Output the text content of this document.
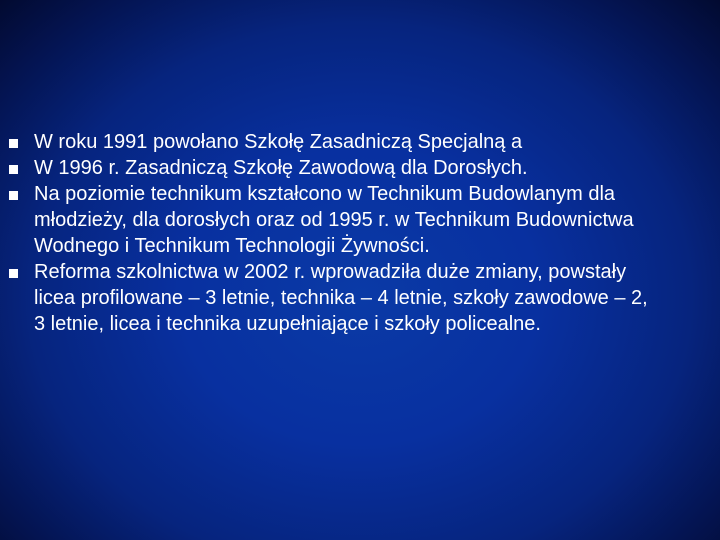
W roku 1991 powołano Szkołę Zasadniczą Specjalną a
W 1996 r. Zasadniczą Szkołę Zawodową dla Dorosłych.
Na poziomie technikum kształcono w Technikum Budowlanym dla młodzieży, dla dorosłych oraz od 1995 r. w Technikum Budownictwa Wodnego i Technikum Technologii Żywności.
Reforma szkolnictwa w 2002 r. wprowadziła duże zmiany, powstały licea profilowane – 3 letnie, technika – 4 letnie, szkoły zawodowe – 2, 3 letnie, licea i technika uzupełniające i szkoły policealne.
